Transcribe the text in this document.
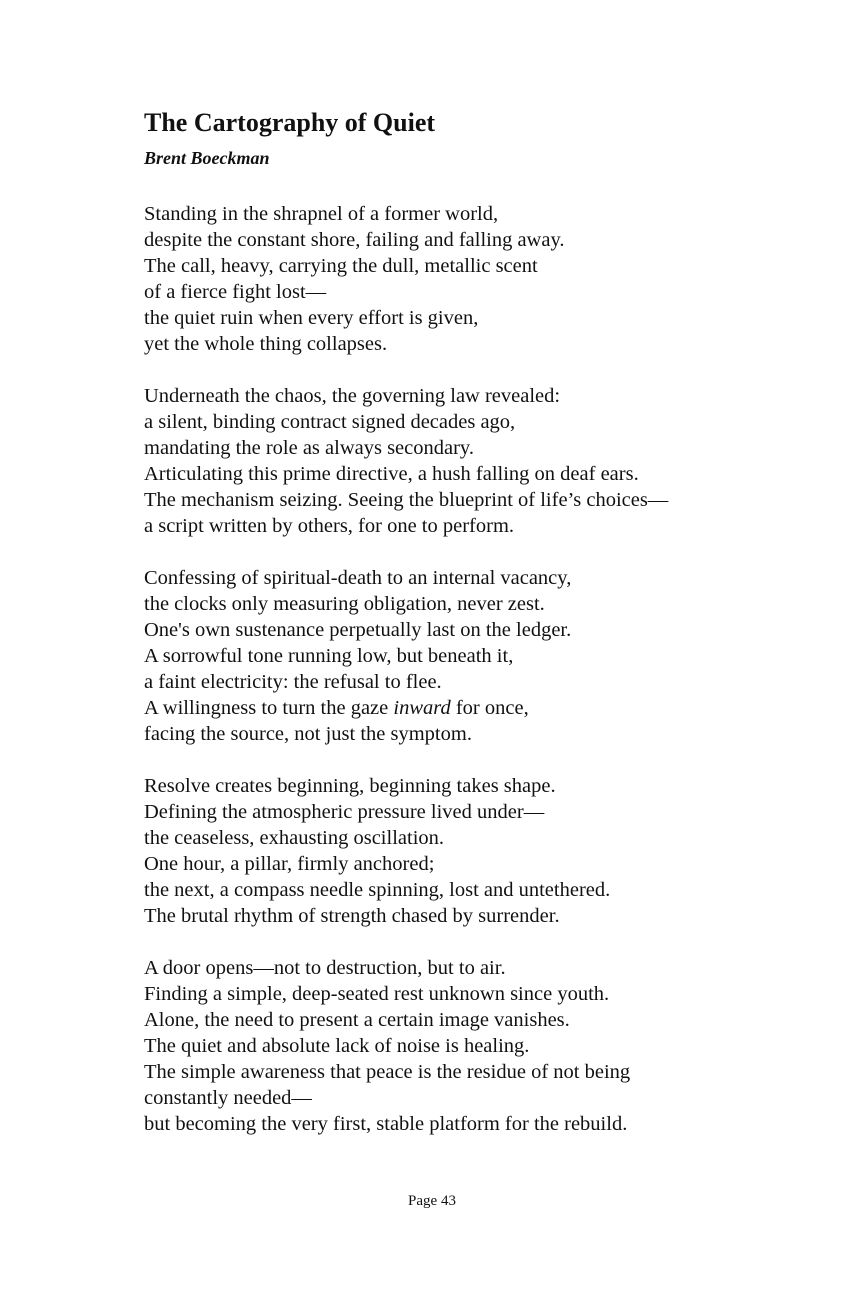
The Cartography of Quiet
Brent Boeckman
Standing in the shrapnel of a former world,
despite the constant shore, failing and falling away.
The call, heavy, carrying the dull, metallic scent
of a fierce fight lost—
the quiet ruin when every effort is given,
yet the whole thing collapses.
Underneath the chaos, the governing law revealed:
a silent, binding contract signed decades ago,
mandating the role as always secondary.
Articulating this prime directive, a hush falling on deaf ears.
The mechanism seizing. Seeing the blueprint of life’s choices—
a script written by others, for one to perform.
Confessing of spiritual-death to an internal vacancy,
the clocks only measuring obligation, never zest.
One's own sustenance perpetually last on the ledger.
A sorrowful tone running low, but beneath it,
a faint electricity: the refusal to flee.
A willingness to turn the gaze inward for once,
facing the source, not just the symptom.
Resolve creates beginning, beginning takes shape.
Defining the atmospheric pressure lived under—
the ceaseless, exhausting oscillation.
One hour, a pillar, firmly anchored;
the next, a compass needle spinning, lost and untethered.
The brutal rhythm of strength chased by surrender.
A door opens—not to destruction, but to air.
Finding a simple, deep-seated rest unknown since youth.
Alone, the need to present a certain image vanishes.
The quiet and absolute lack of noise is healing.
The simple awareness that peace is the residue of not being
constantly needed—
but becoming the very first, stable platform for the rebuild.
Page 43
